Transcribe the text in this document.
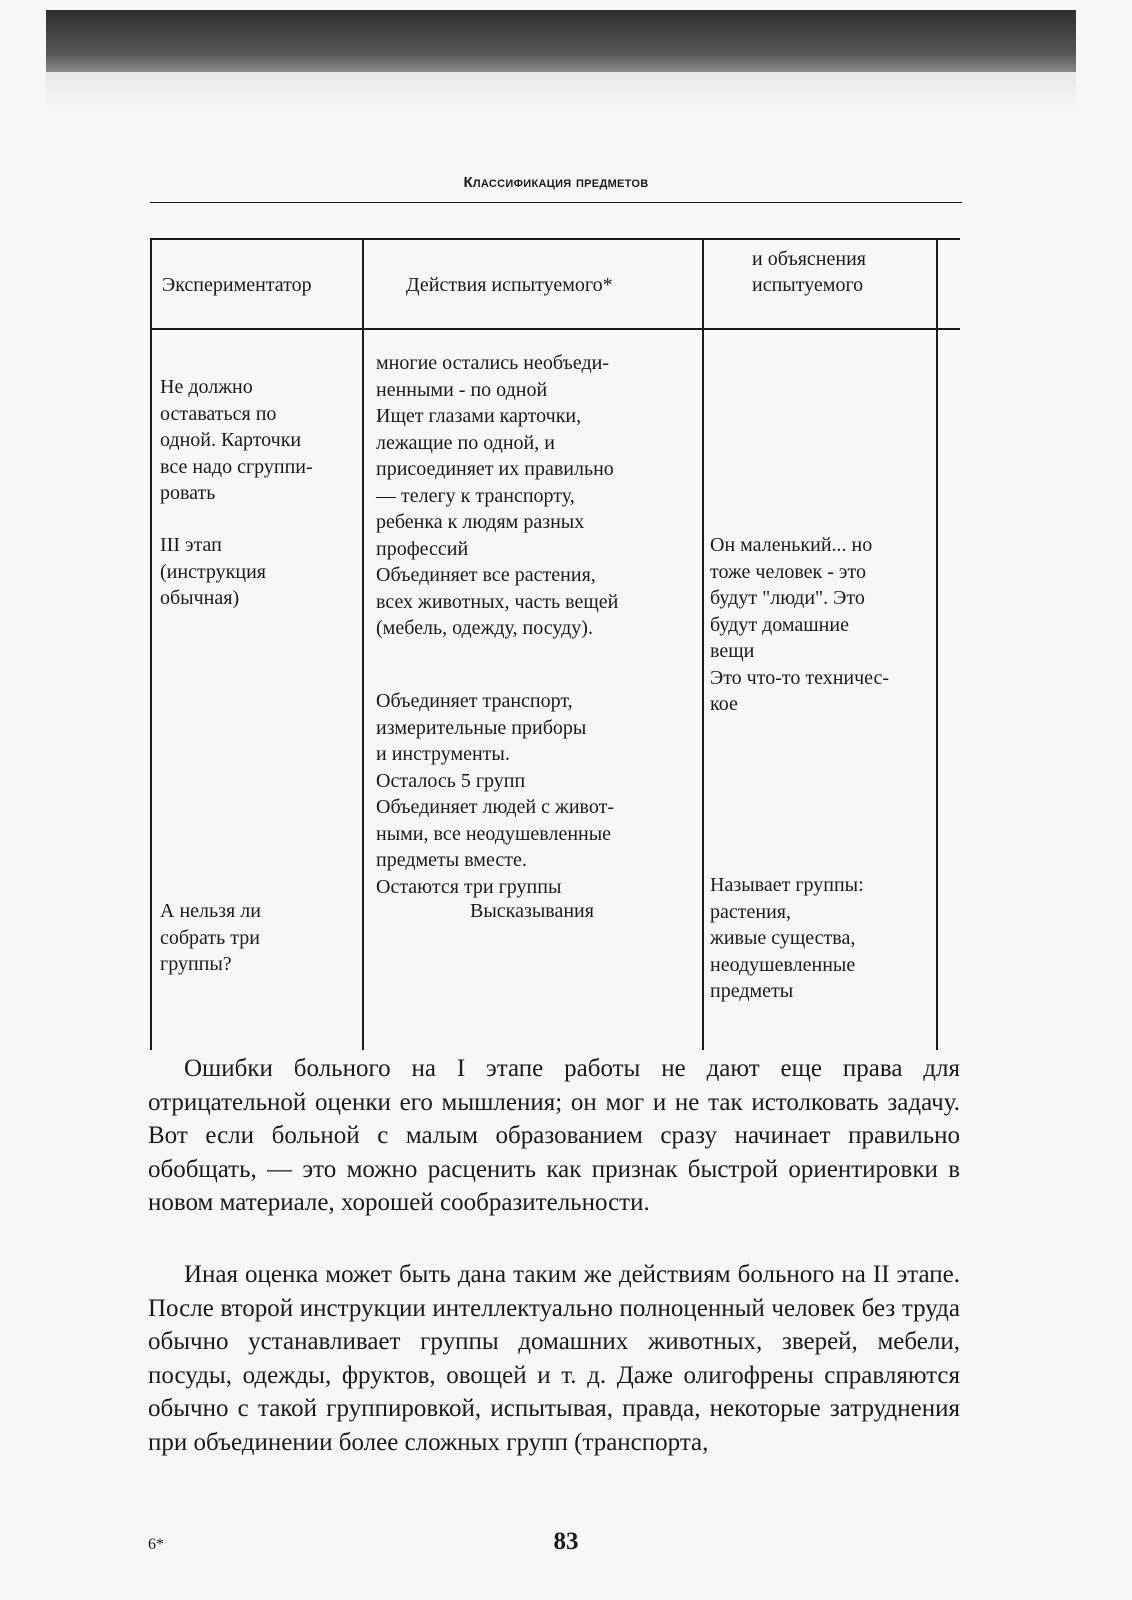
Классификация предметов
Экспериментатор	Действия испытуемого*
и объяснения
испытуемого
Не должно
оставаться по
одной. Карточки
все надо сгруппи-
ровать
III этап
(инструкция
обычная)
А нельзя ли
собрать три
группы?
многие остались необъеди-
ненными - по одной
Ищет глазами карточки,
лежащие по одной, и
присоединяет их правильно
— телегу к транспорту,
ребенка к людям разных
профессий
Объединяет все растения,
всех животных, часть вещей
(мебель, одежду, посуду).
Объединяет транспорт,
измерительные приборы
и инструменты.
Осталось 5 групп
Объединяет людей с живот-
ными, все неодушевленные
предметы вместе.
Остаются три группы
Высказывания
Он маленький... но
тоже человек - это
будут "люди". Это
будут домашние
вещи
Это что-то техничес-
кое
Называет группы:
растения,
живые существа,
неодушевленные
предметы

Ошибки больного на I этапе работы не дают еще права для отрицательной оценки его мышления; он мог и не так истолковать задачу. Вот если больной с малым образованием сразу начинает правильно обобщать, — это можно расценить как признак быстрой ориентировки в новом материале, хорошей сообразительности.

Иная оценка может быть дана таким же действиям больного на II этапе. После второй инструкции интеллектуально полноценный человек без труда обычно устанавливает группы домашних животных, зверей, мебели, посуды, одежды, фруктов, овощей и т. д. Даже олигофрены справляются обычно с такой группировкой, испытывая, правда, некоторые затруднения при объединении более сложных групп (транспорта,

6*	83
